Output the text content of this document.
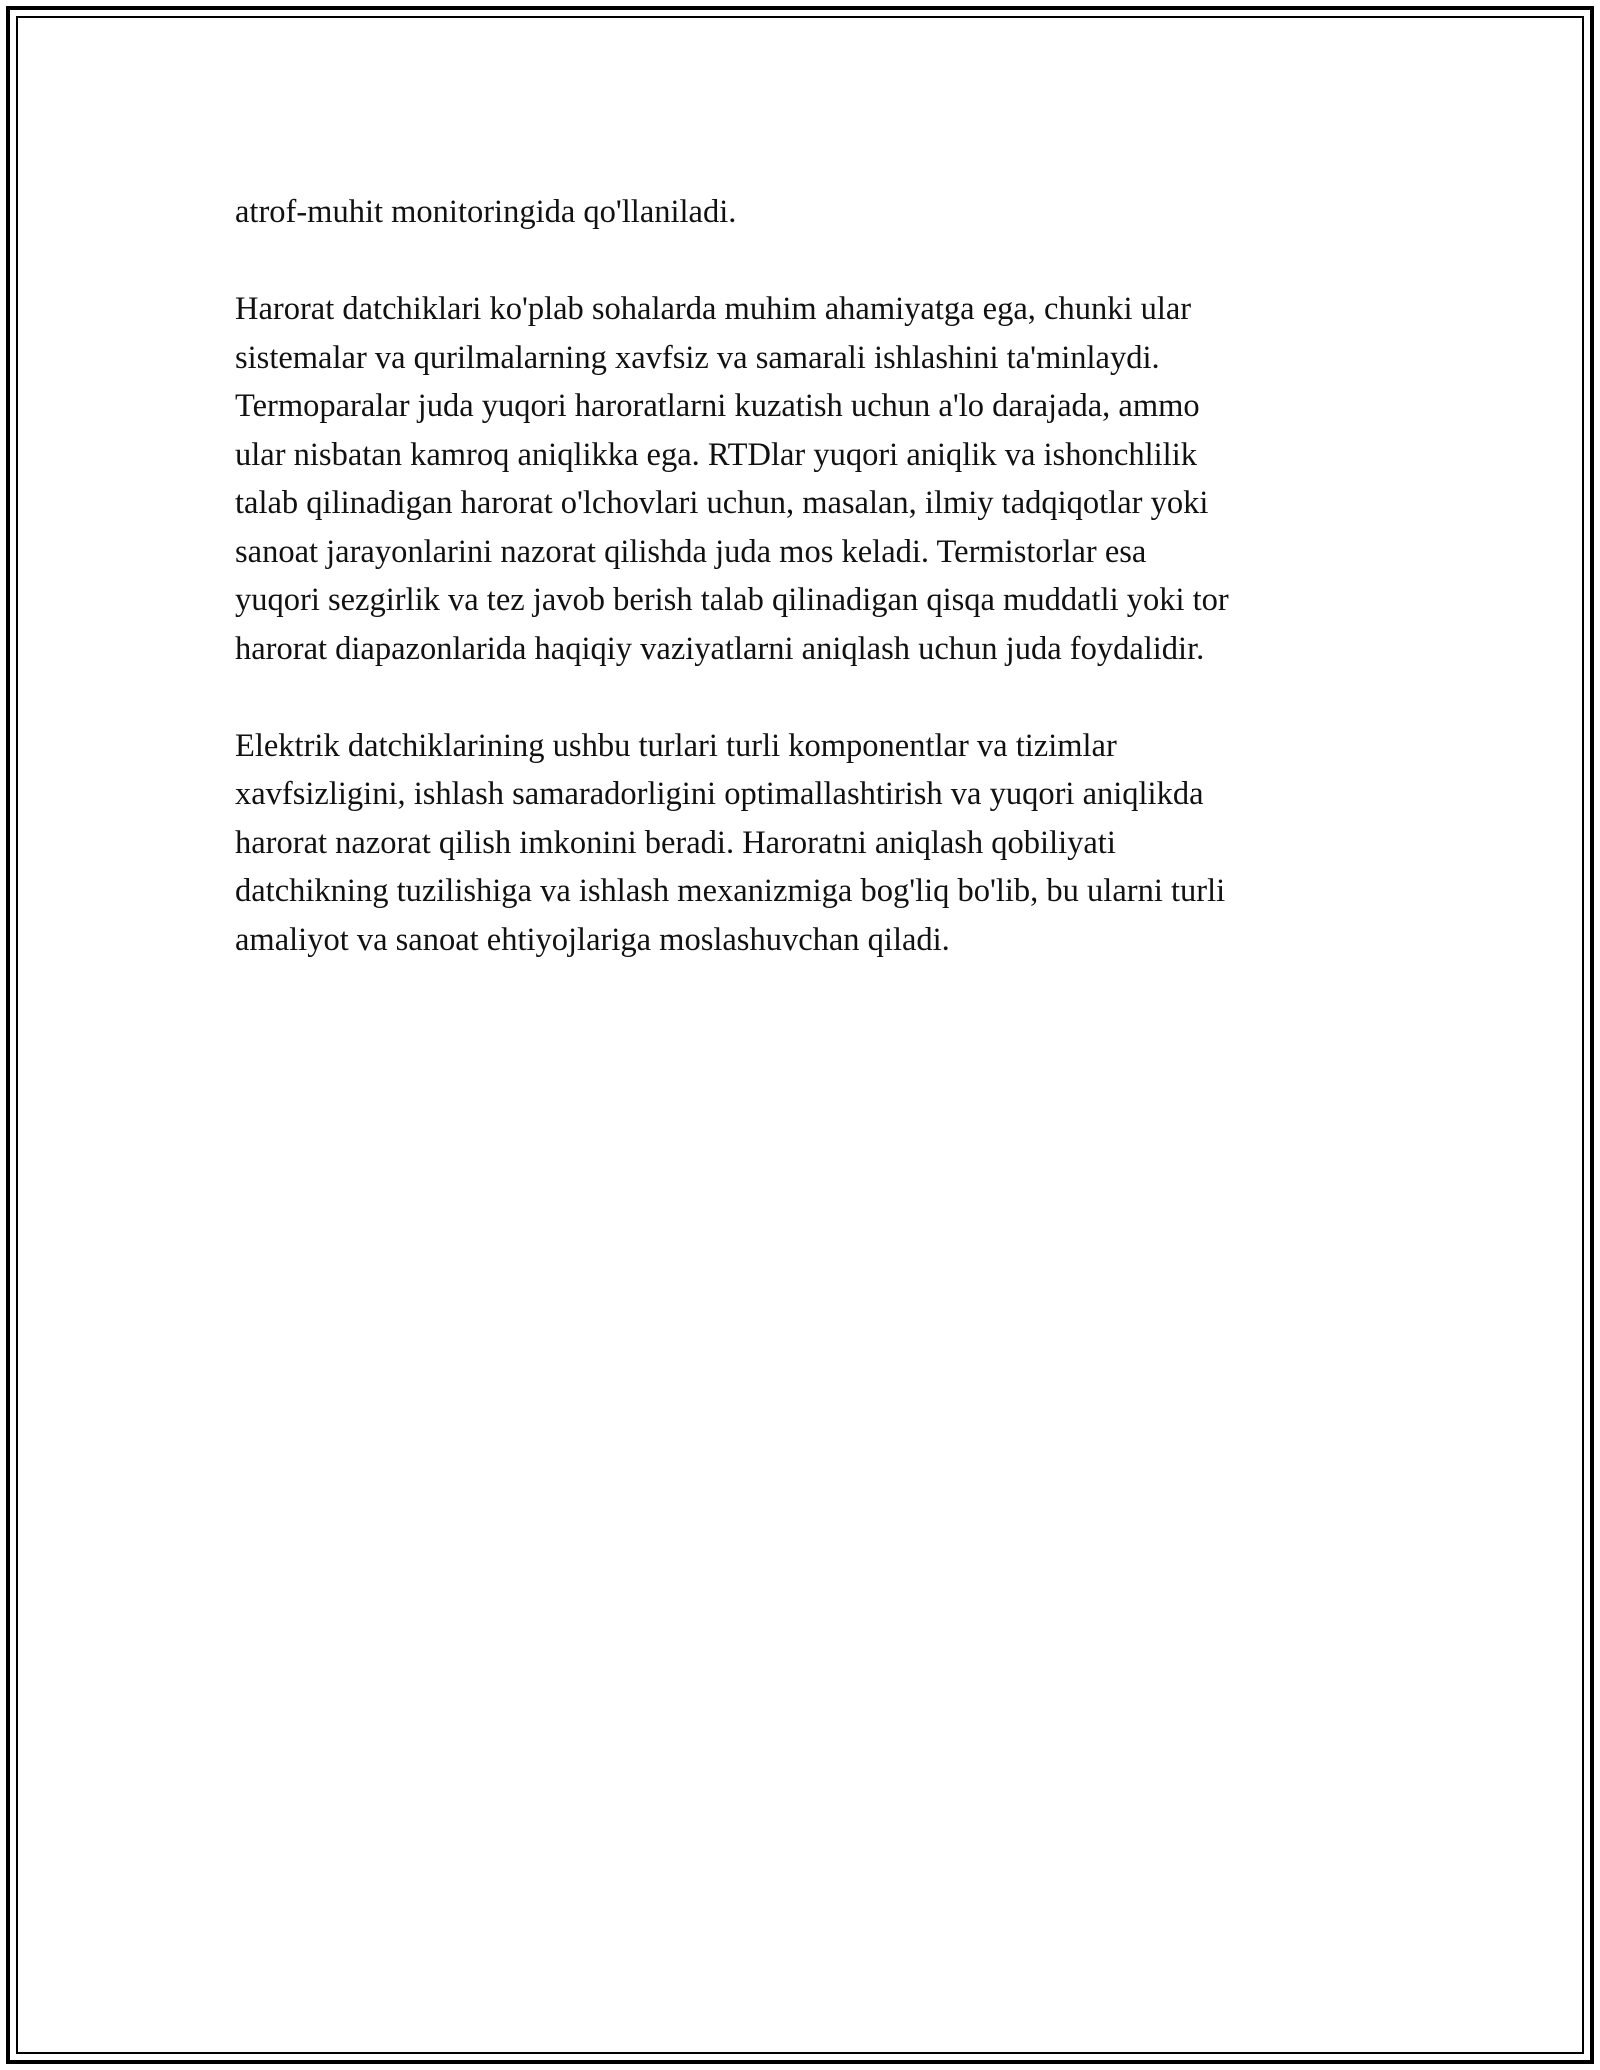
atrof-muhit monitoringida qo'llaniladi.

Harorat datchiklari ko'plab sohalarda muhim ahamiyatga ega, chunki ular
sistemalar va qurilmalarning xavfsiz va samarali ishlashini ta'minlaydi.
Termoparalar juda yuqori haroratlarni kuzatish uchun a'lo darajada, ammo
ular nisbatan kamroq aniqlikka ega. RTDlar yuqori aniqlik va ishonchlilik
talab qilinadigan harorat o'lchovlari uchun, masalan, ilmiy tadqiqotlar yoki
sanoat jarayonlarini nazorat qilishda juda mos keladi. Termistorlar esa
yuqori sezgirlik va tez javob berish talab qilinadigan qisqa muddatli yoki tor
harorat diapazonlarida haqiqiy vaziyatlarni aniqlash uchun juda foydalidir.

Elektrik datchiklarining ushbu turlari turli komponentlar va tizimlar
xavfsizligini, ishlash samaradorligini optimallashtirish va yuqori aniqlikda
harorat nazorat qilish imkonini beradi. Haroratni aniqlash qobiliyati
datchikning tuzilishiga va ishlash mexanizmiga bog'liq bo'lib, bu ularni turli
amaliyot va sanoat ehtiyojlariga moslashuvchan qiladi.
